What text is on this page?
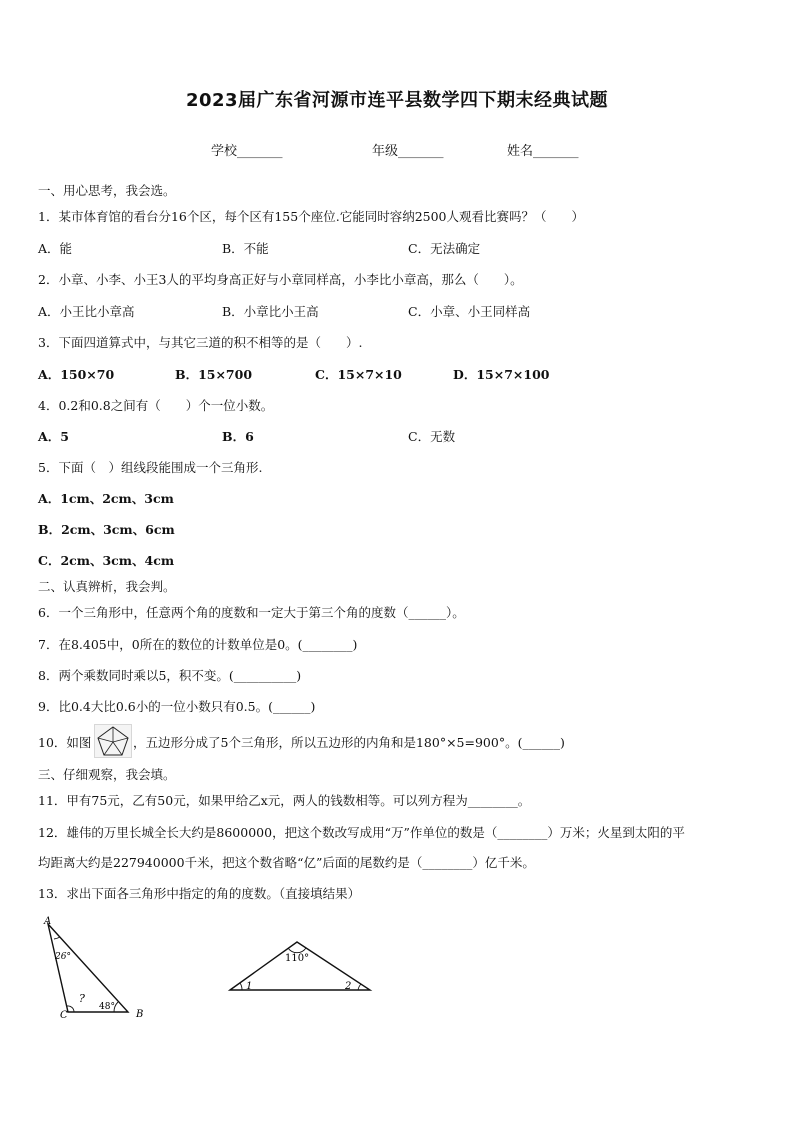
2023届广东省河源市连平县数学四下期末经典试题
学校_______	年级_______	姓名_______
一、用心思考，我会选。
1．某市体育馆的看台分16个区，每个区有155个座位.它能同时容纳2500人观看比赛吗？（　　）
A．能	B．不能	C．无法确定
2．小章、小李、小王3人的平均身高正好与小章同样高，小李比小章高，那么（　　）。
A．小王比小章高	B．小章比小王高	C．小章、小王同样高
3．下面四道算式中，与其它三道的积不相等的是（　　）.
A．150×70	B．15×700	C．15×7×10	D．15×7×100
4．0.2和0.8之间有（　　）个一位小数。
A．5	B．6	C．无数
5．下面（　）组线段能围成一个三角形.
A．1cm、2cm、3cm
B．2cm、3cm、6cm
C．2cm、3cm、4cm
二、认真辨析，我会判。
6．一个三角形中，任意两个角的度数和一定大于第三个角的度数（______）。
7．在8.405中，0所在的数位的计数单位是0。(________)
8．两个乘数同时乘以5，积不变。(__________)
9．比0.4大比0.6小的一位小数只有0.5。(______)
10．如图	，五边形分成了5个三角形，所以五边形的内角和是180°×5=900°。(______)
三、仔细观察，我会填。
11．甲有75元，乙有50元，如果甲给乙x元，两人的钱数相等。可以列方程为________。
12．雄伟的万里长城全长大约是8600000，把这个数改写成用“万”作单位的数是（________）万米；火星到太阳的平
均距离大约是227940000千米，把这个数省略“亿”后面的尾数约是（________）亿千米。
13．求出下面各三角形中指定的角的度数。（直接填结果）
A
B
C
26°
?
48°
110°
1	2
